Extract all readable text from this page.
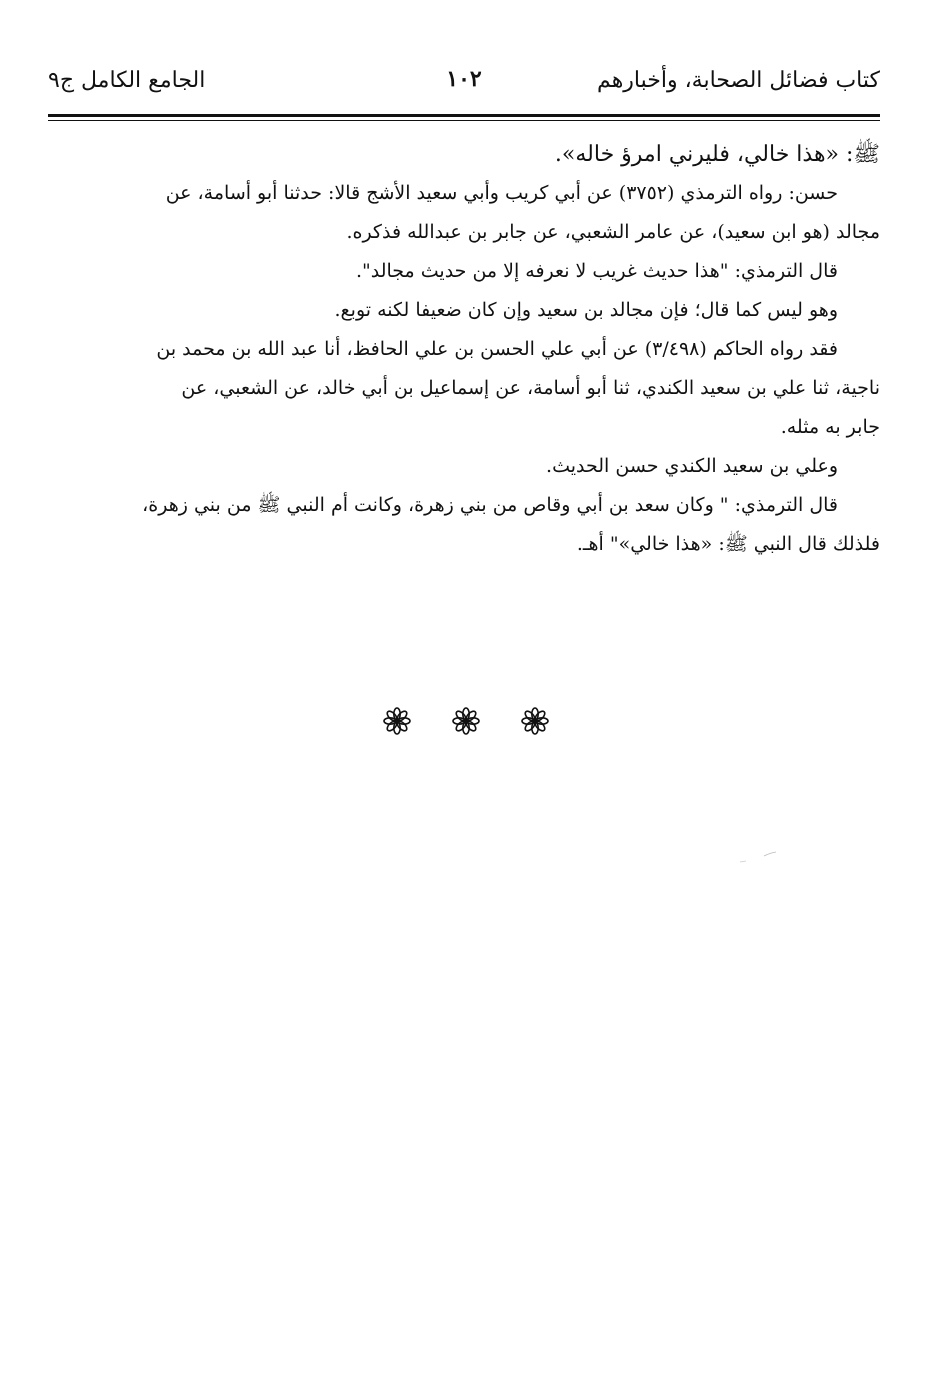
كتاب فضائل الصحابة، وأخبارهم
١٠٢
الجامع الكامل ج٩
ﷺ: «هذا خالي، فليرني امرؤ خاله».
حسن: رواه الترمذي (٣٧٥٢) عن أبي كريب وأبي سعيد الأشج قالا: حدثنا أبو أسامة، عن
مجالد (هو ابن سعيد)، عن عامر الشعبي، عن جابر بن عبدالله فذكره.
قال الترمذي: "هذا حديث غريب لا نعرفه إلا من حديث مجالد".
وهو ليس كما قال؛ فإن مجالد بن سعيد وإن كان ضعيفا لكنه توبع.
فقد رواه الحاكم (٣/٤٩٨) عن أبي علي الحسن بن علي الحافظ، أنا عبد الله بن محمد بن
ناجية، ثنا علي بن سعيد الكندي، ثنا أبو أسامة، عن إسماعيل بن أبي خالد، عن الشعبي، عن
جابر به مثله.
وعلي بن سعيد الكندي حسن الحديث.
قال الترمذي: " وكان سعد بن أبي وقاص من بني زهرة، وكانت أم النبي ﷺ من بني زهرة،
فلذلك قال النبي ﷺ: «هذا خالي»" أهـ.
